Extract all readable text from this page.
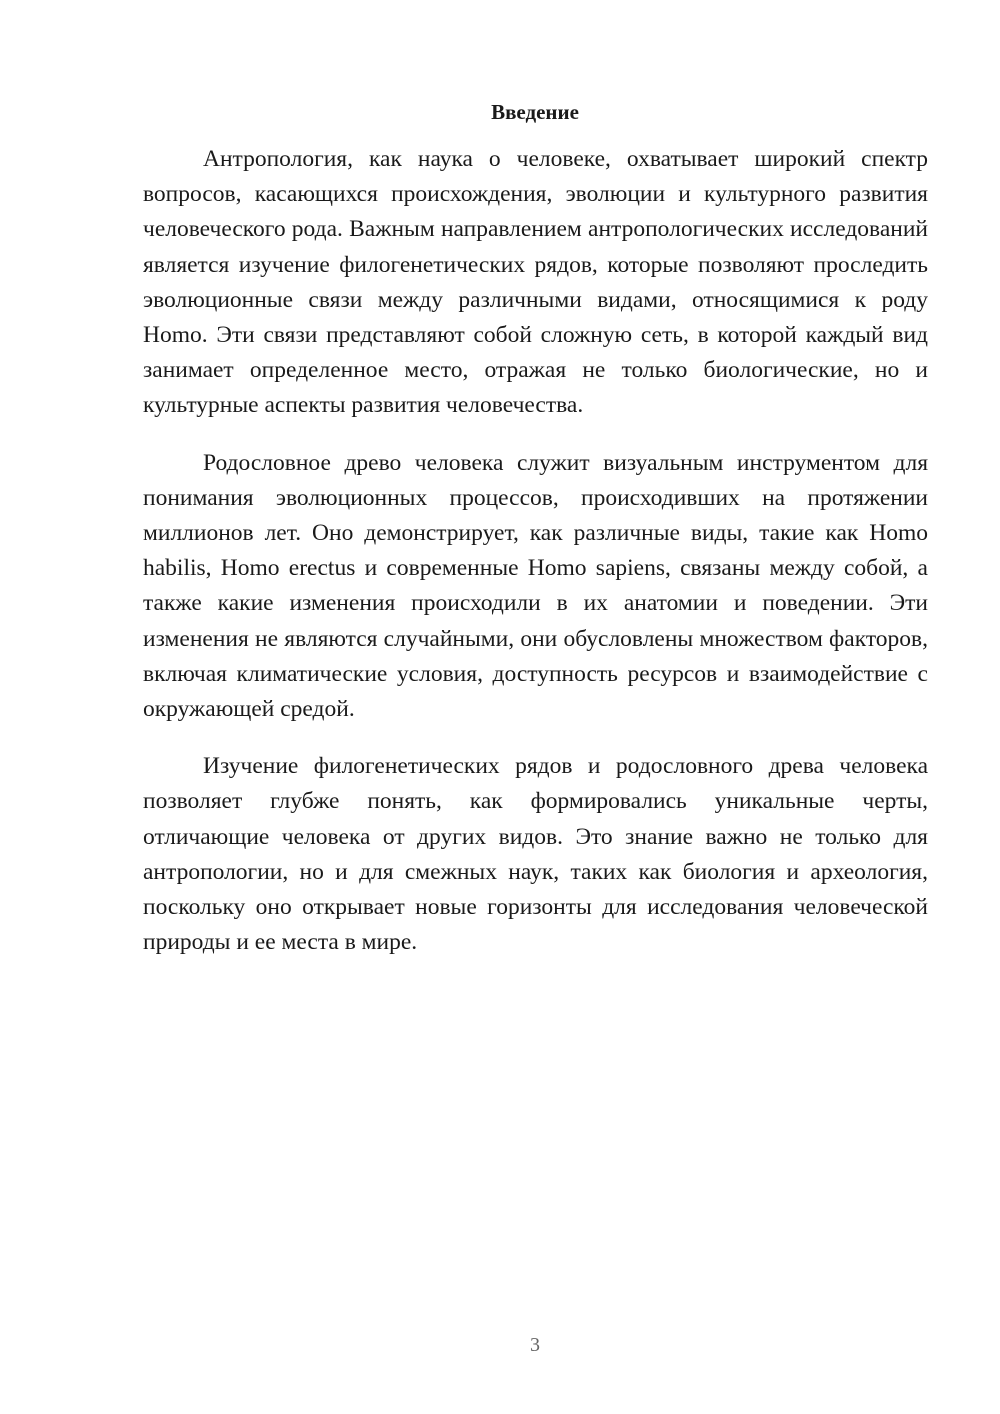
Введение

Антропология, как наука о человеке, охватывает широкий спектр вопросов, касающихся происхождения, эволюции и культурного развития человеческого рода. Важным направлением антропологических исследований является изучение филогенетических рядов, которые позволяют проследить эволюционные связи между различными видами, относящимися к роду Homo. Эти связи представляют собой сложную сеть, в которой каждый вид занимает определенное место, отражая не только биологические, но и культурные аспекты развития человечества.

Родословное древо человека служит визуальным инструментом для понимания эволюционных процессов, происходивших на протяжении миллионов лет. Оно демонстрирует, как различные виды, такие как Homo habilis, Homo erectus и современные Homo sapiens, связаны между собой, а также какие изменения происходили в их анатомии и поведении. Эти изменения не являются случайными, они обусловлены множеством факторов, включая климатические условия, доступность ресурсов и взаимодействие с окружающей средой.

Изучение филогенетических рядов и родословного древа человека позволяет глубже понять, как формировались уникальные черты, отличающие человека от других видов. Это знание важно не только для антропологии, но и для смежных наук, таких как биология и археология, поскольку оно открывает новые горизонты для исследования человеческой природы и ее места в мире.

3
